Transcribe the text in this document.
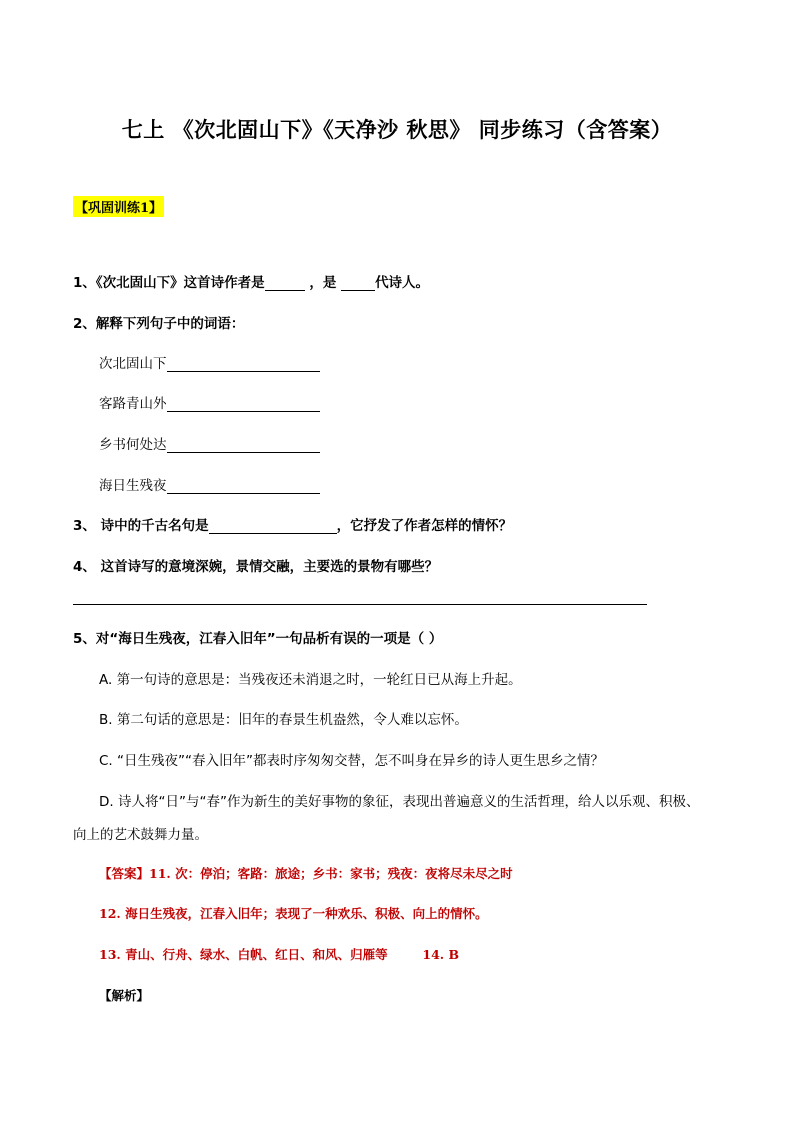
七上 《次北固山下》《天净沙 秋思》 同步练习（含答案）
【巩固训练1】
1、《次北固山下》这首诗作者是	，是	代诗人。
2、解释下列句子中的词语：
次北固山下
客路青山外
乡书何处达
海日生残夜
3、 诗中的千古名句是	，它抒发了作者怎样的情怀？
4、 这首诗写的意境深婉，景情交融，主要选的景物有哪些？
5、对“海日生残夜，江春入旧年”一句品析有误的一项是（ ）
A. 第一句诗的意思是：当残夜还未消退之时，一轮红日已从海上升起。
B. 第二句话的意思是：旧年的春景生机盎然，令人难以忘怀。
C. “日生残夜”“春入旧年”都表时序匆匆交替，怎不叫身在异乡的诗人更生思乡之情？
D. 诗人将“日”与“春”作为新生的美好事物的象征，表现出普遍意义的生活哲理，给人以乐观、积极、
向上的艺术鼓舞力量。
【答案】11. 次：停泊；客路：旅途；乡书：家书；残夜：夜将尽未尽之时
12. 海日生残夜，江春入旧年；表现了一种欢乐、积极、向上的情怀。
13. 青山、行舟、绿水、白帆、红日、和风、归雁等        14. B
【解析】
